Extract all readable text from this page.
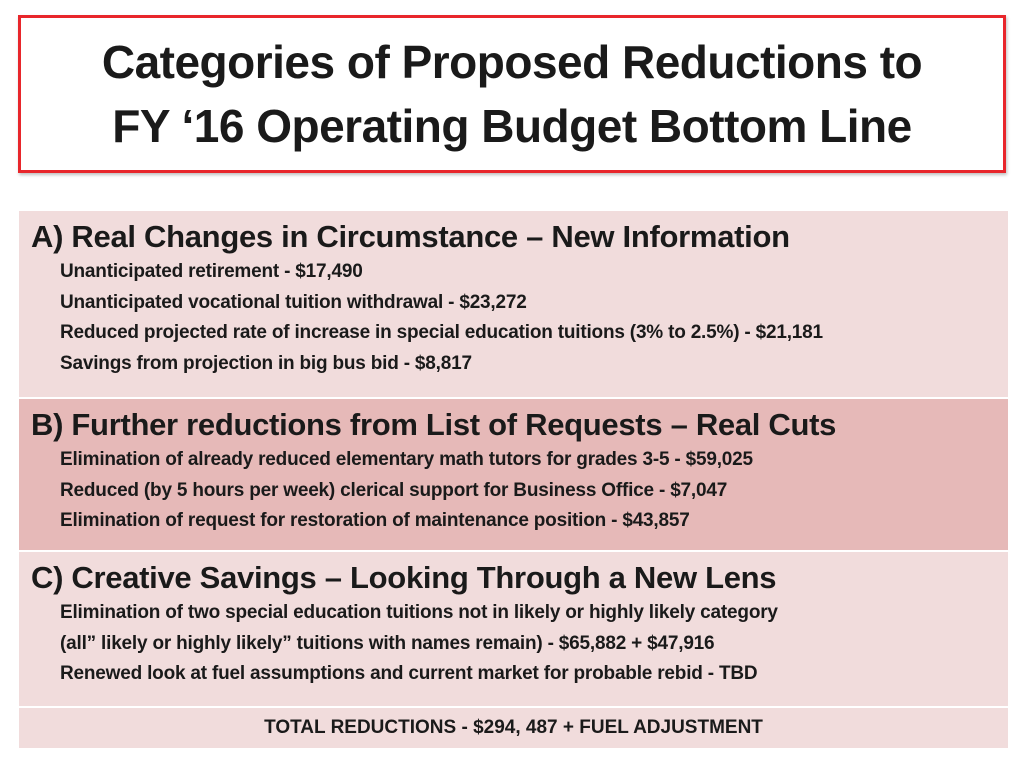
Categories of Proposed Reductions to
FY ‘16 Operating Budget Bottom Line
A) Real Changes in Circumstance – New Information
Unanticipated retirement - $17,490
Unanticipated vocational tuition withdrawal - $23,272
Reduced projected rate of increase in special education tuitions (3% to 2.5%) - $21,181
Savings from projection in big bus bid - $8,817
B) Further reductions from List of Requests – Real Cuts
Elimination of already reduced elementary math tutors for grades 3-5 - $59,025
Reduced (by 5 hours per week) clerical support for Business Office - $7,047
Elimination of request for restoration of maintenance position - $43,857
C) Creative Savings – Looking Through a New Lens
Elimination of two special education tuitions not in likely or highly likely category
(all” likely or highly likely” tuitions with names remain) - $65,882 + $47,916
Renewed look at fuel assumptions and current market for probable rebid - TBD
TOTAL REDUCTIONS - $294, 487 + FUEL ADJUSTMENT
